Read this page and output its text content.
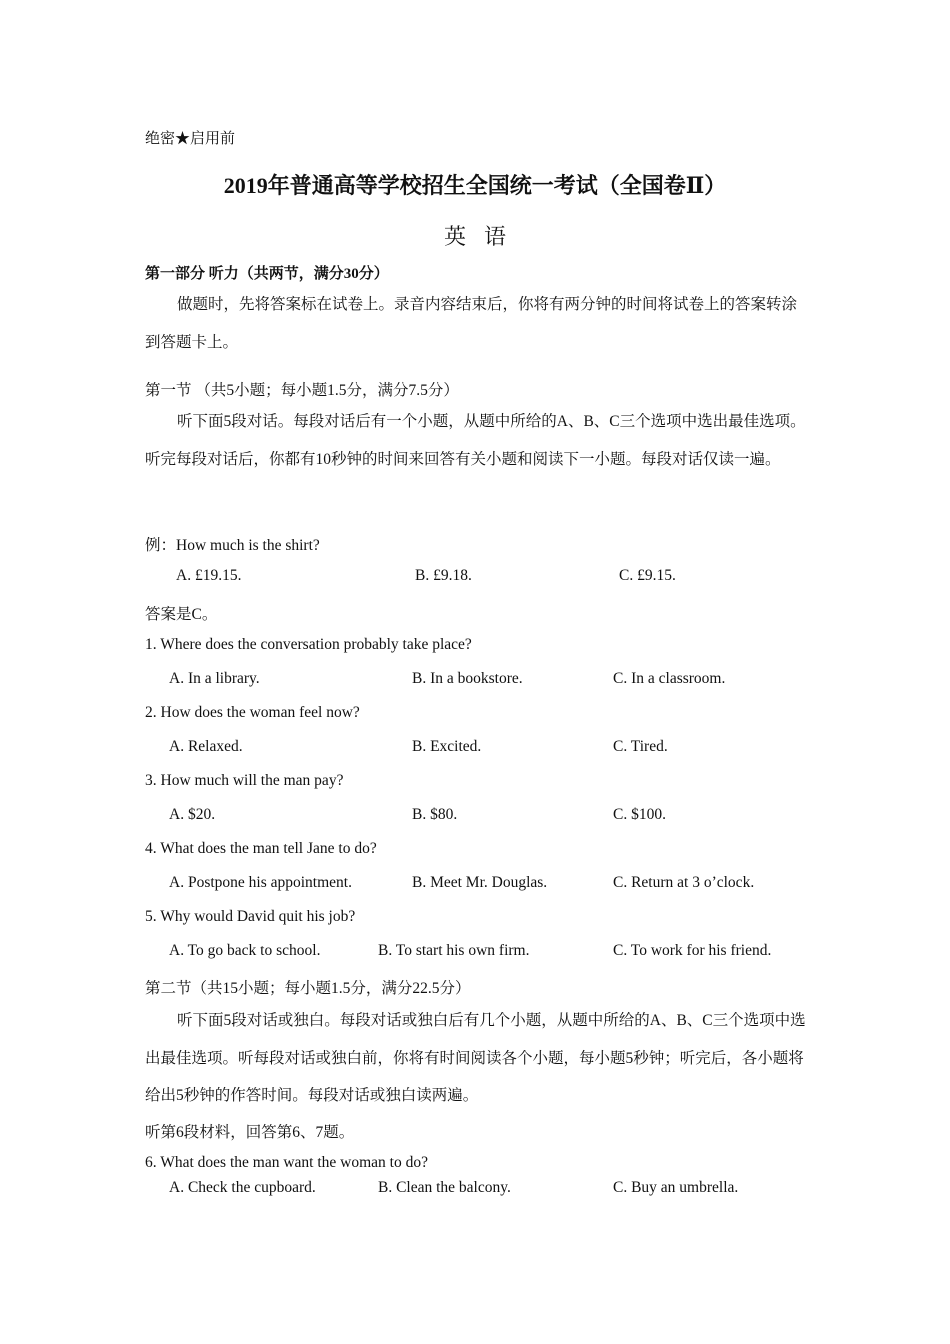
绝密★启用前
2019年普通高等学校招生全国统一考试（全国卷Ⅱ）
英语
第一部分 听力（共两节，满分30分）
做题时，先将答案标在试卷上。录音内容结束后，你将有两分钟的时间将试卷上的答案转涂到答题卡上。
第一节 （共5小题；每小题1.5分，满分7.5分）
听下面5段对话。每段对话后有一个小题，从题中所给的A、B、C三个选项中选出最佳选项。听完每段对话后，你都有10秒钟的时间来回答有关小题和阅读下一小题。每段对话仅读一遍。
例：How much is the shirt?
A. £19.15.	B. £9.18.	C. £9.15.
答案是C。
1. Where does the conversation probably take place?
A. In a library.	B. In a bookstore.	C. In a classroom.
2. How does the woman feel now?
A. Relaxed.	B. Excited.	C. Tired.
3. How much will the man pay?
A. $20.	B. $80.	C. $100.
4. What does the man tell Jane to do?
A. Postpone his appointment.	B. Meet Mr. Douglas.	C. Return at 3 o’clock.
5. Why would David quit his job?
A. To go back to school.	B. To start his own firm.	C. To work for his friend.
第二节（共15小题；每小题1.5分，满分22.5分）
听下面5段对话或独白。每段对话或独白后有几个小题，从题中所给的A、B、C三个选项中选出最佳选项。听每段对话或独白前，你将有时间阅读各个小题，每小题5秒钟；听完后，各小题将给出5秒钟的作答时间。每段对话或独白读两遍。
听第6段材料，回答第6、7题。
6. What does the man want the woman to do?
A. Check the cupboard.	B. Clean the balcony.	C. Buy an umbrella.
